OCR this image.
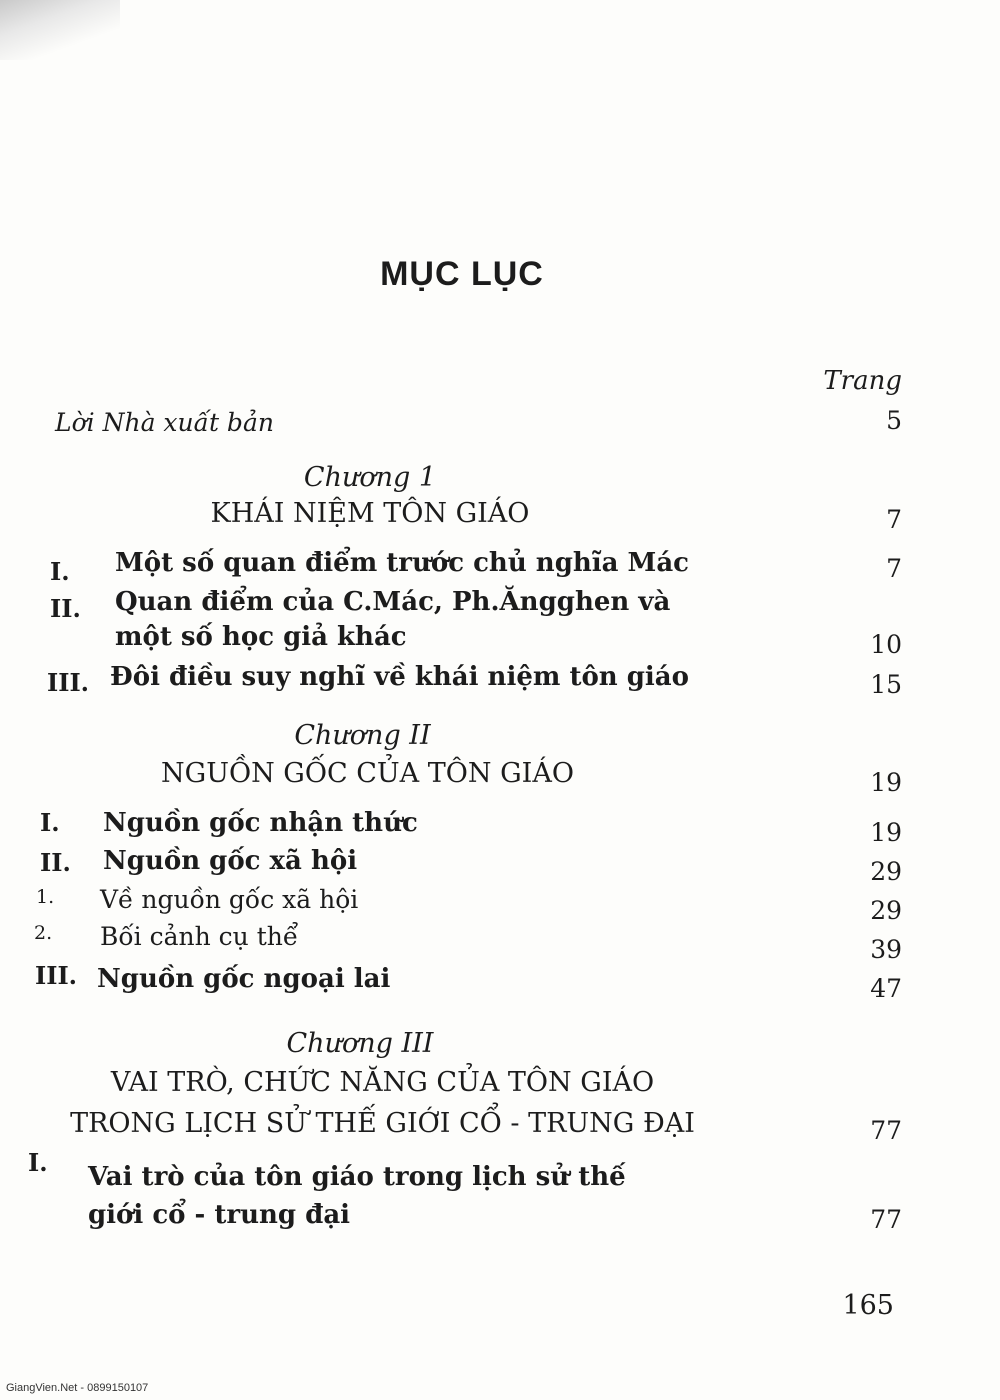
MỤC LỤC
Trang
Lời Nhà xuất bản	5
Chương 1
KHÁI NIỆM TÔN GIÁO	7
I. Một số quan điểm trước chủ nghĩa Mác	7
II. Quan điểm của C.Mác, Ph.Ăngghen và
một số học giả khác	10
III. Đôi điều suy nghĩ về khái niệm tôn giáo	15
Chương II
NGUỒN GỐC CỦA TÔN GIÁO	19
I. Nguồn gốc nhận thức	19
II. Nguồn gốc xã hội	29
1. Về nguồn gốc xã hội	29
2. Bối cảnh cụ thể	39
III. Nguồn gốc ngoại lai	47
Chương III
VAI TRÒ, CHỨC NĂNG CỦA TÔN GIÁO
TRONG LỊCH SỬ THẾ GIỚI CỔ - TRUNG ĐẠI	77
I. Vai trò của tôn giáo trong lịch sử thế
giới cổ - trung đại	77
165
GiangVien.Net - 0899150107
